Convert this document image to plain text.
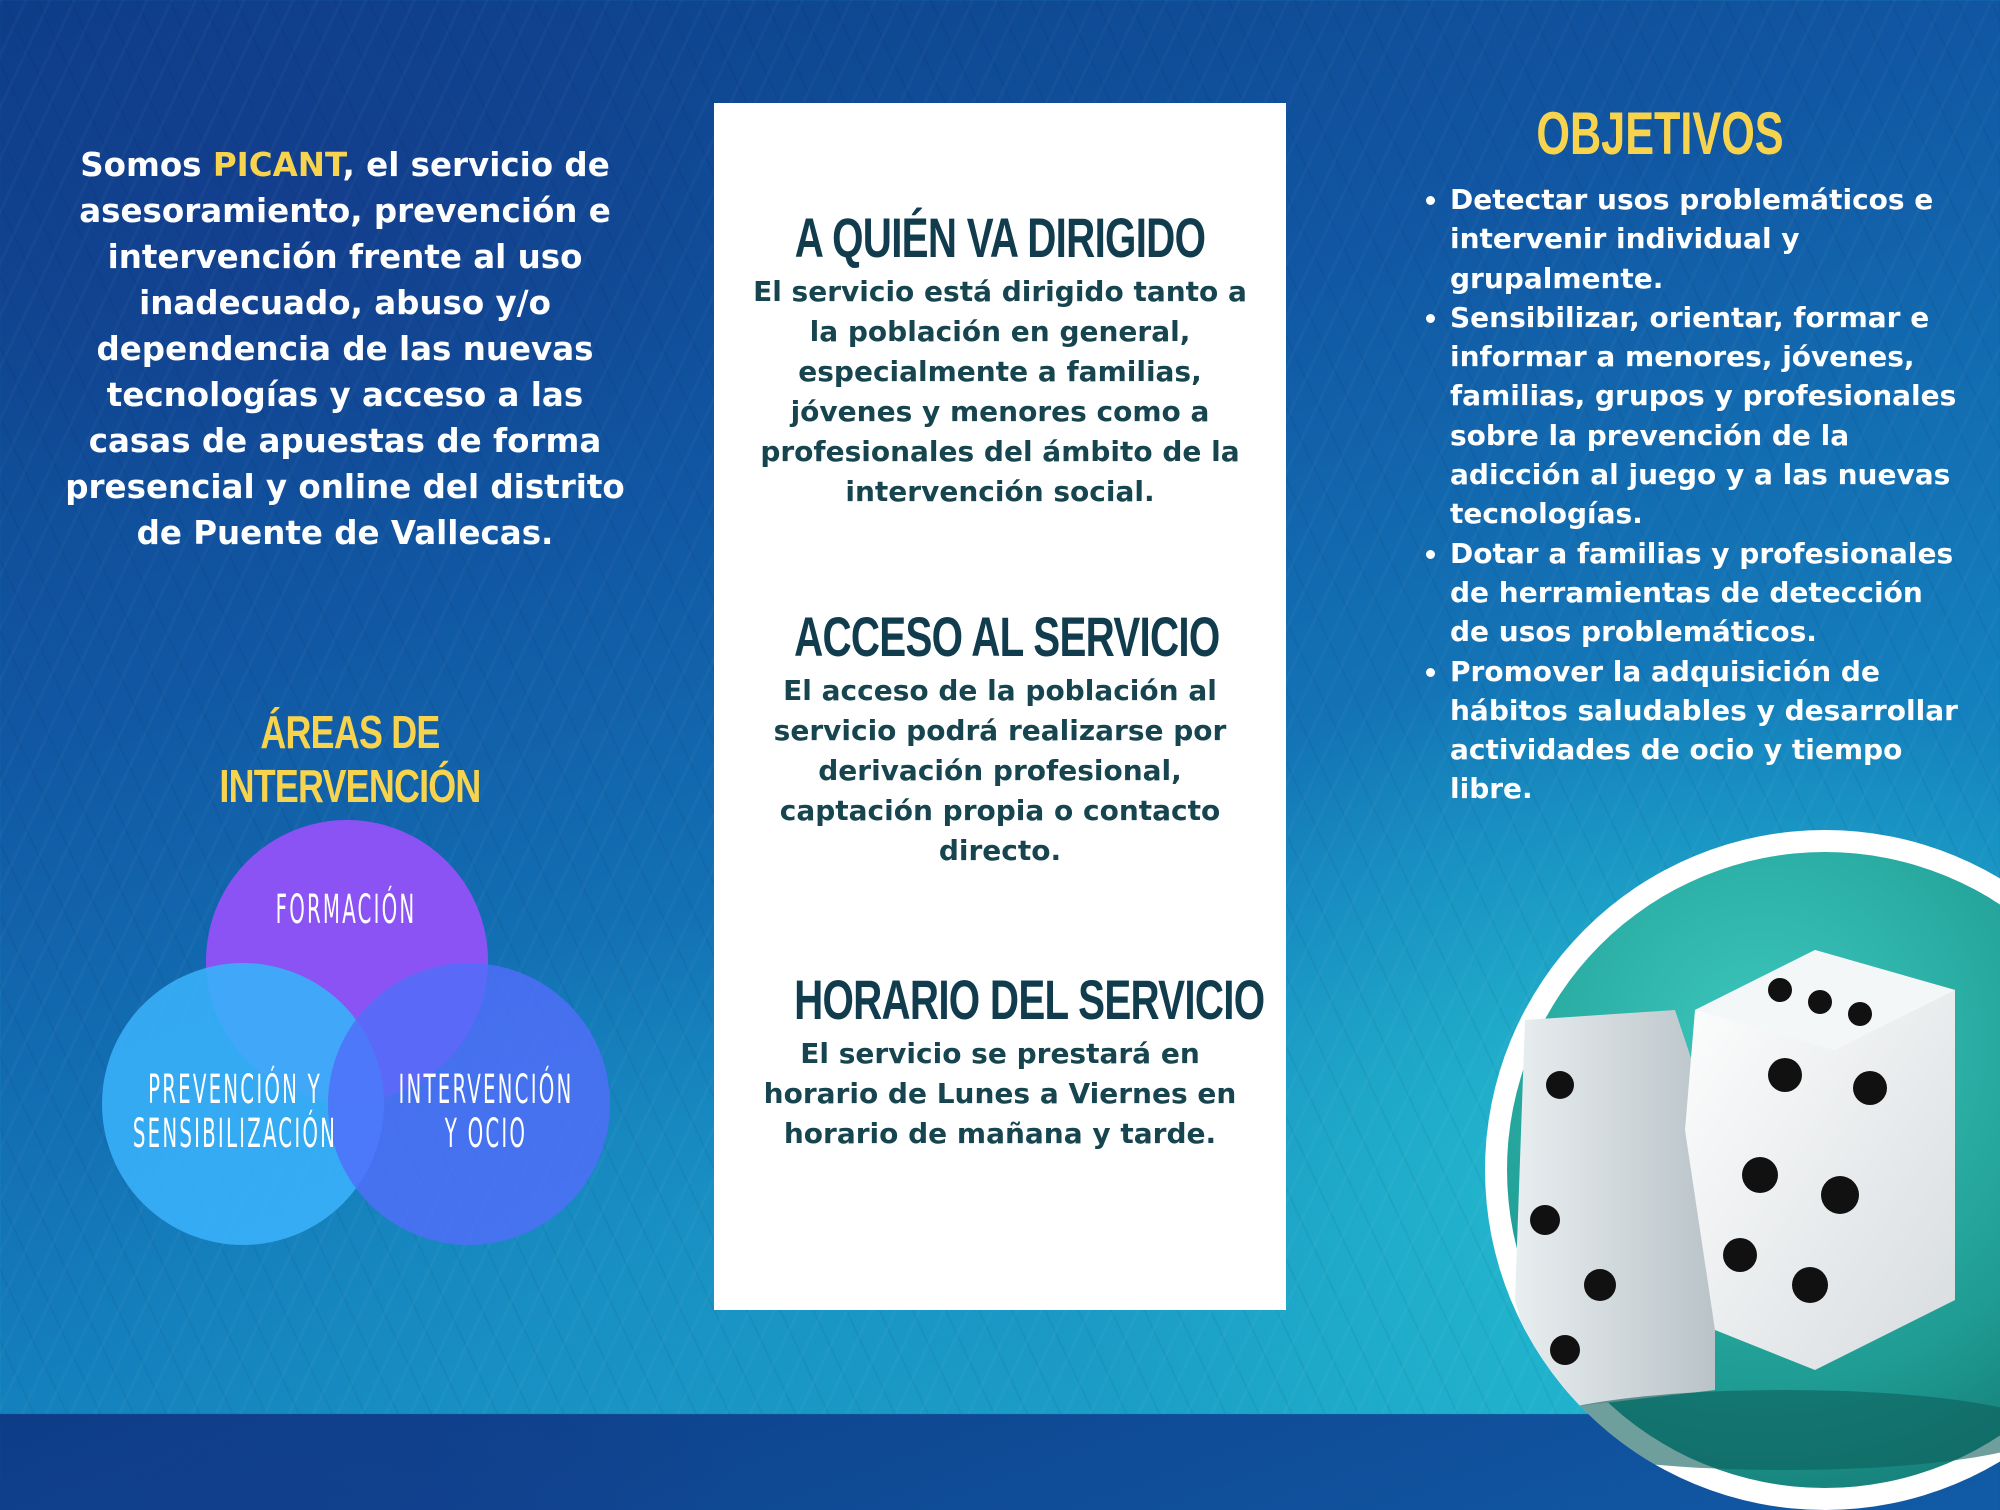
Somos PICANT, el servicio de asesoramiento, prevención e intervención frente al uso inadecuado, abuso y/o dependencia de las nuevas tecnologías y acceso a las casas de apuestas de forma presencial y online del distrito de Puente de Vallecas.
ÁREAS DE INTERVENCIÓN
FORMACIÓN
PREVENCIÓN Y
SENSIBILIZACIÓN
INTERVENCIÓN
Y OCIO
A QUIÉN VA DIRIGIDO

El servicio está dirigido tanto a la población en general, especialmente a familias, jóvenes y menores como a profesionales del ámbito de la intervención social.

ACCESO AL SERVICIO

El acceso de la población al servicio podrá realizarse por derivación profesional, captación propia o contacto directo.

HORARIO DEL SERVICIO

El servicio se prestará en horario de Lunes a Viernes en horario de mañana y tarde.

OBJETIVOS
• Detectar usos problemáticos e intervenir individual y grupalmente.
• Sensibilizar, orientar, formar e informar a menores, jóvenes, familias, grupos y profesionales sobre la prevención de la adicción al juego y a las nuevas tecnologías.
• Dotar a familias y profesionales de herramientas de detección de usos problemáticos.
• Promover la adquisición de hábitos saludables y desarrollar actividades de ocio y tiempo libre.
